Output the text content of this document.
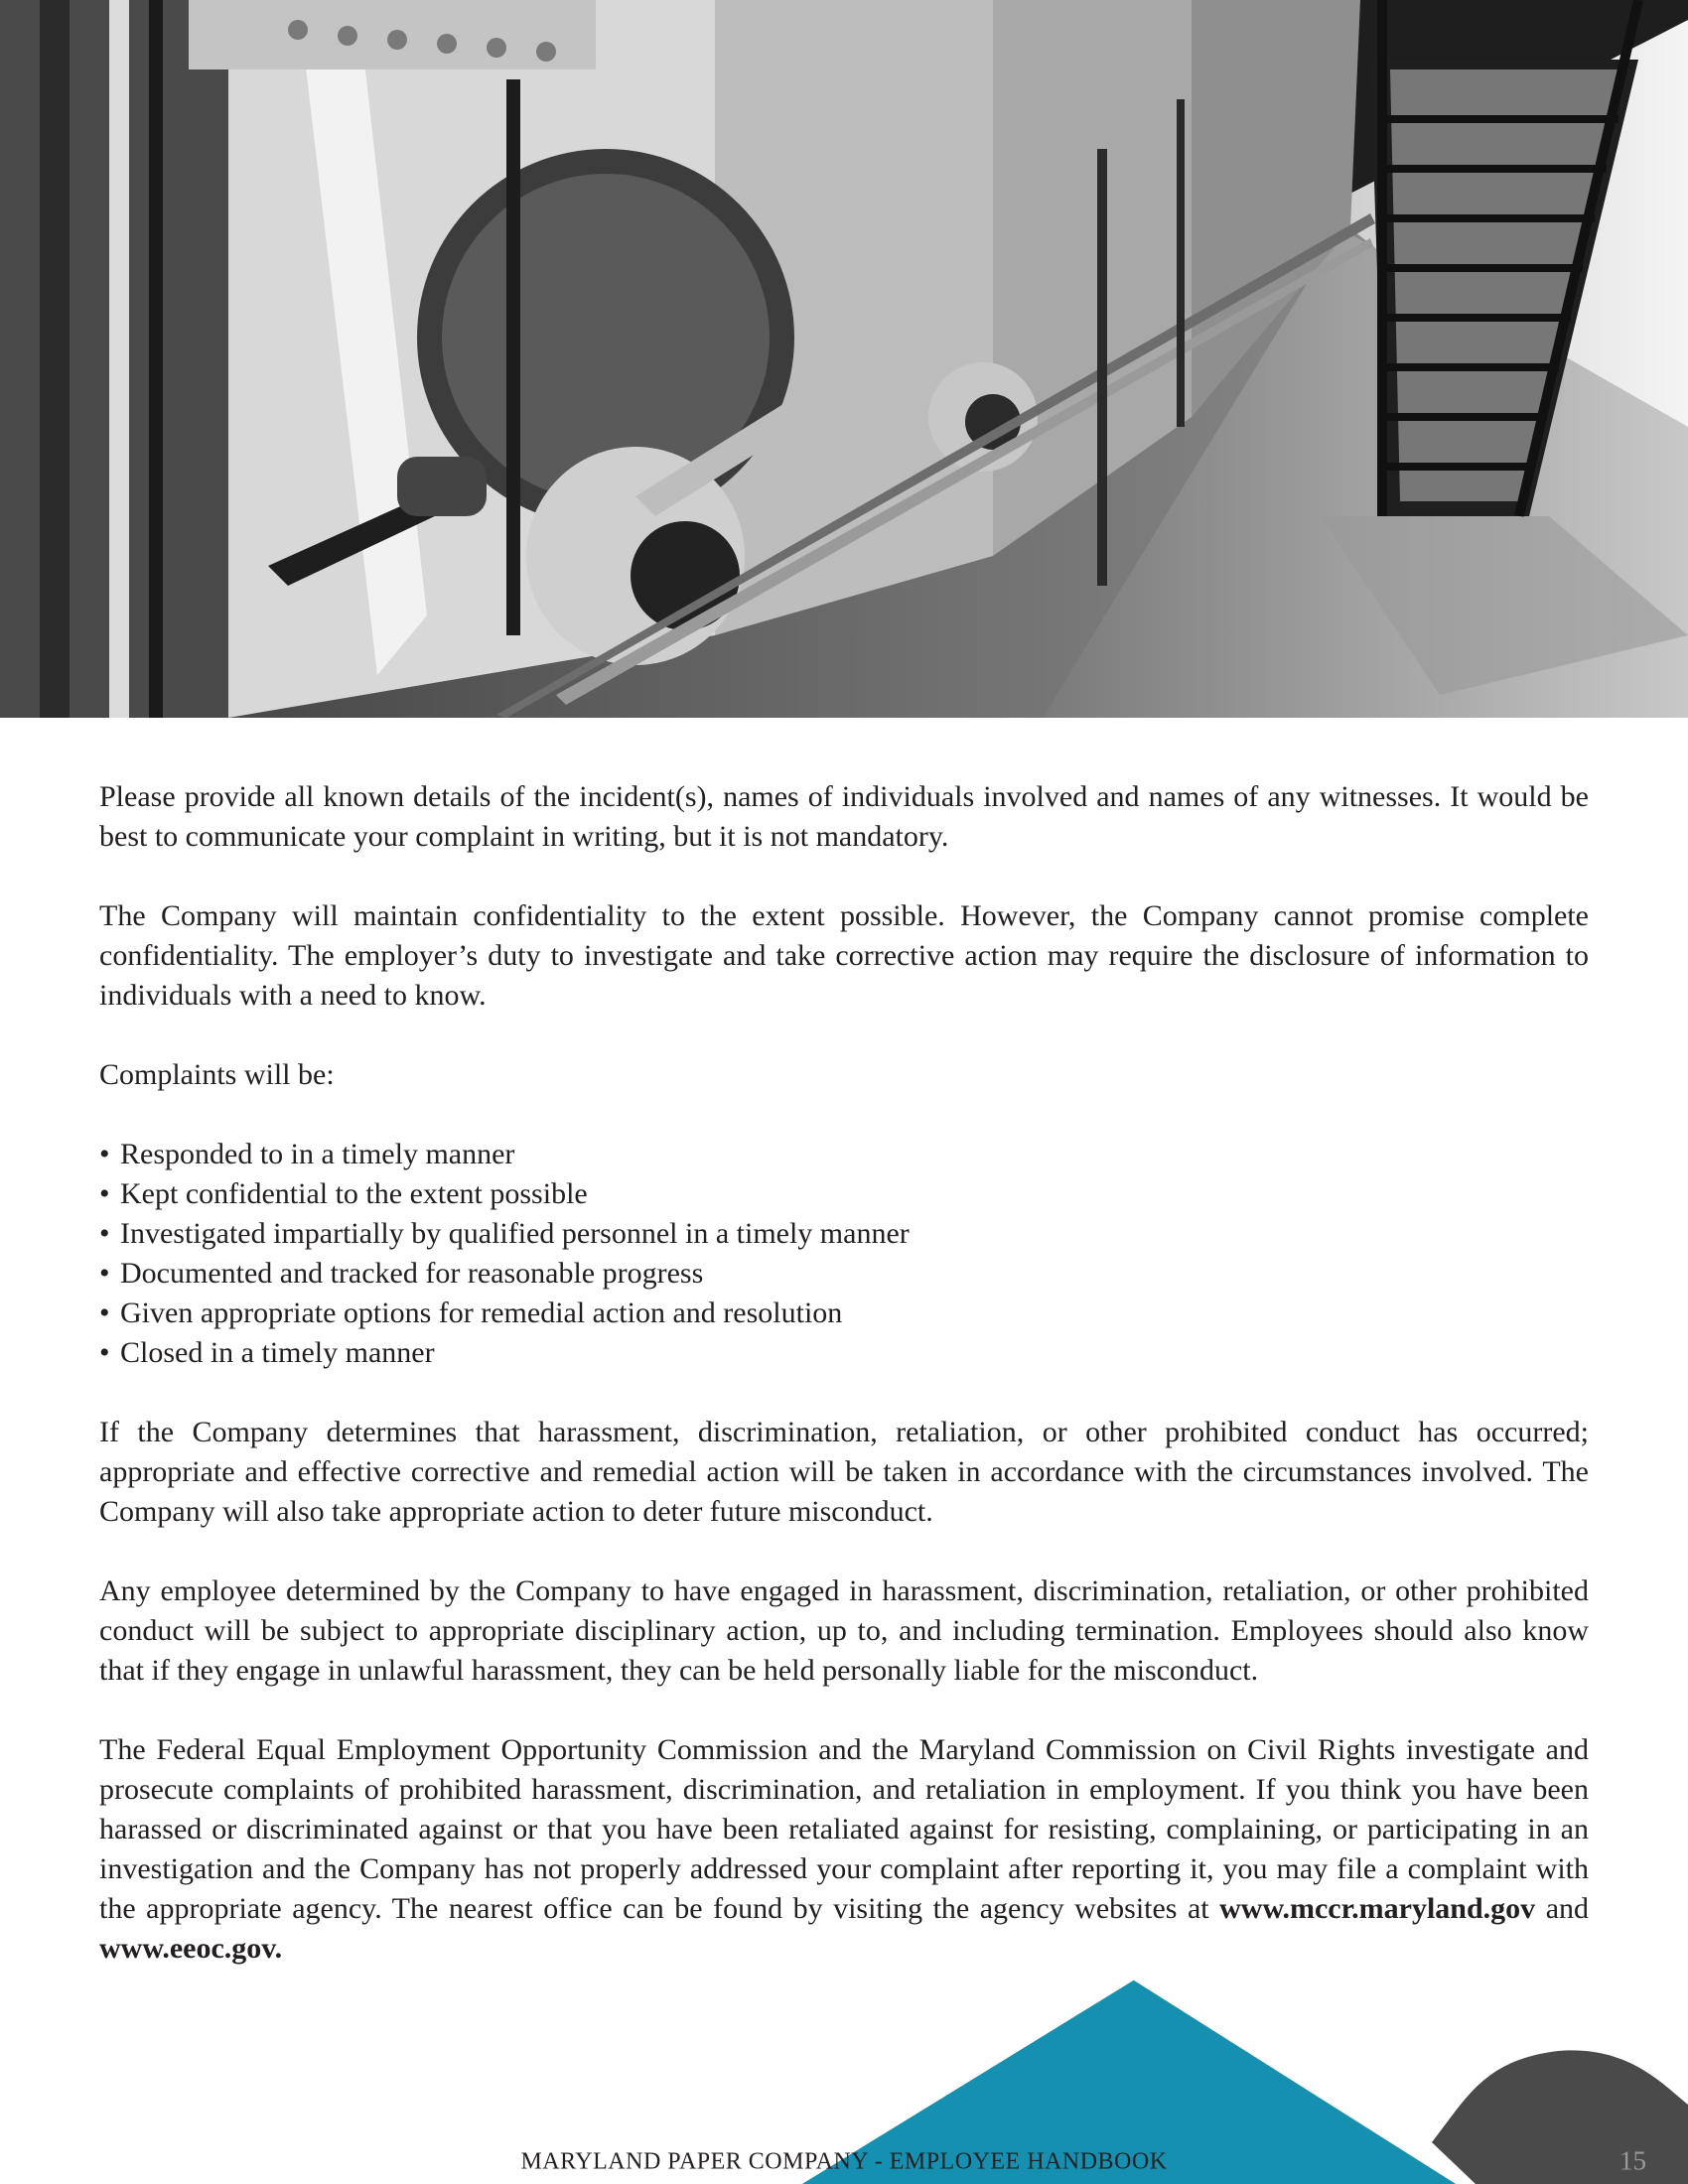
Please provide all known details of the incident(s), names of individuals involved and names of any witnesses. It would be best to communicate your complaint in writing, but it is not mandatory.

The Company will maintain confidentiality to the extent possible. However, the Company cannot promise complete confidentiality. The employer’s duty to investigate and take corrective action may require the disclosure of information to individuals with a need to know.

Complaints will be:

• Responded to in a timely manner
• Kept confidential to the extent possible
• Investigated impartially by qualified personnel in a timely manner
• Documented and tracked for reasonable progress
• Given appropriate options for remedial action and resolution
• Closed in a timely manner

If the Company determines that harassment, discrimination, retaliation, or other prohibited conduct has occurred; appropriate and effective corrective and remedial action will be taken in accordance with the circumstances involved. The Company will also take appropriate action to deter future misconduct.

Any employee determined by the Company to have engaged in harassment, discrimination, retaliation, or other prohibited conduct will be subject to appropriate disciplinary action, up to, and including termination. Employees should also know that if they engage in unlawful harassment, they can be held personally liable for the misconduct.

The Federal Equal Employment Opportunity Commission and the Maryland Commission on Civil Rights investigate and prosecute complaints of prohibited harassment, discrimination, and retaliation in employment. If you think you have been harassed or discriminated against or that you have been retaliated against for resisting, complaining, or participating in an investigation and the Company has not properly addressed your complaint after reporting it, you may file a complaint with the appropriate agency. The nearest office can be found by visiting the agency websites at www.mccr.maryland.gov and www.eeoc.gov.

MARYLAND PAPER COMPANY - EMPLOYEE HANDBOOK	15
